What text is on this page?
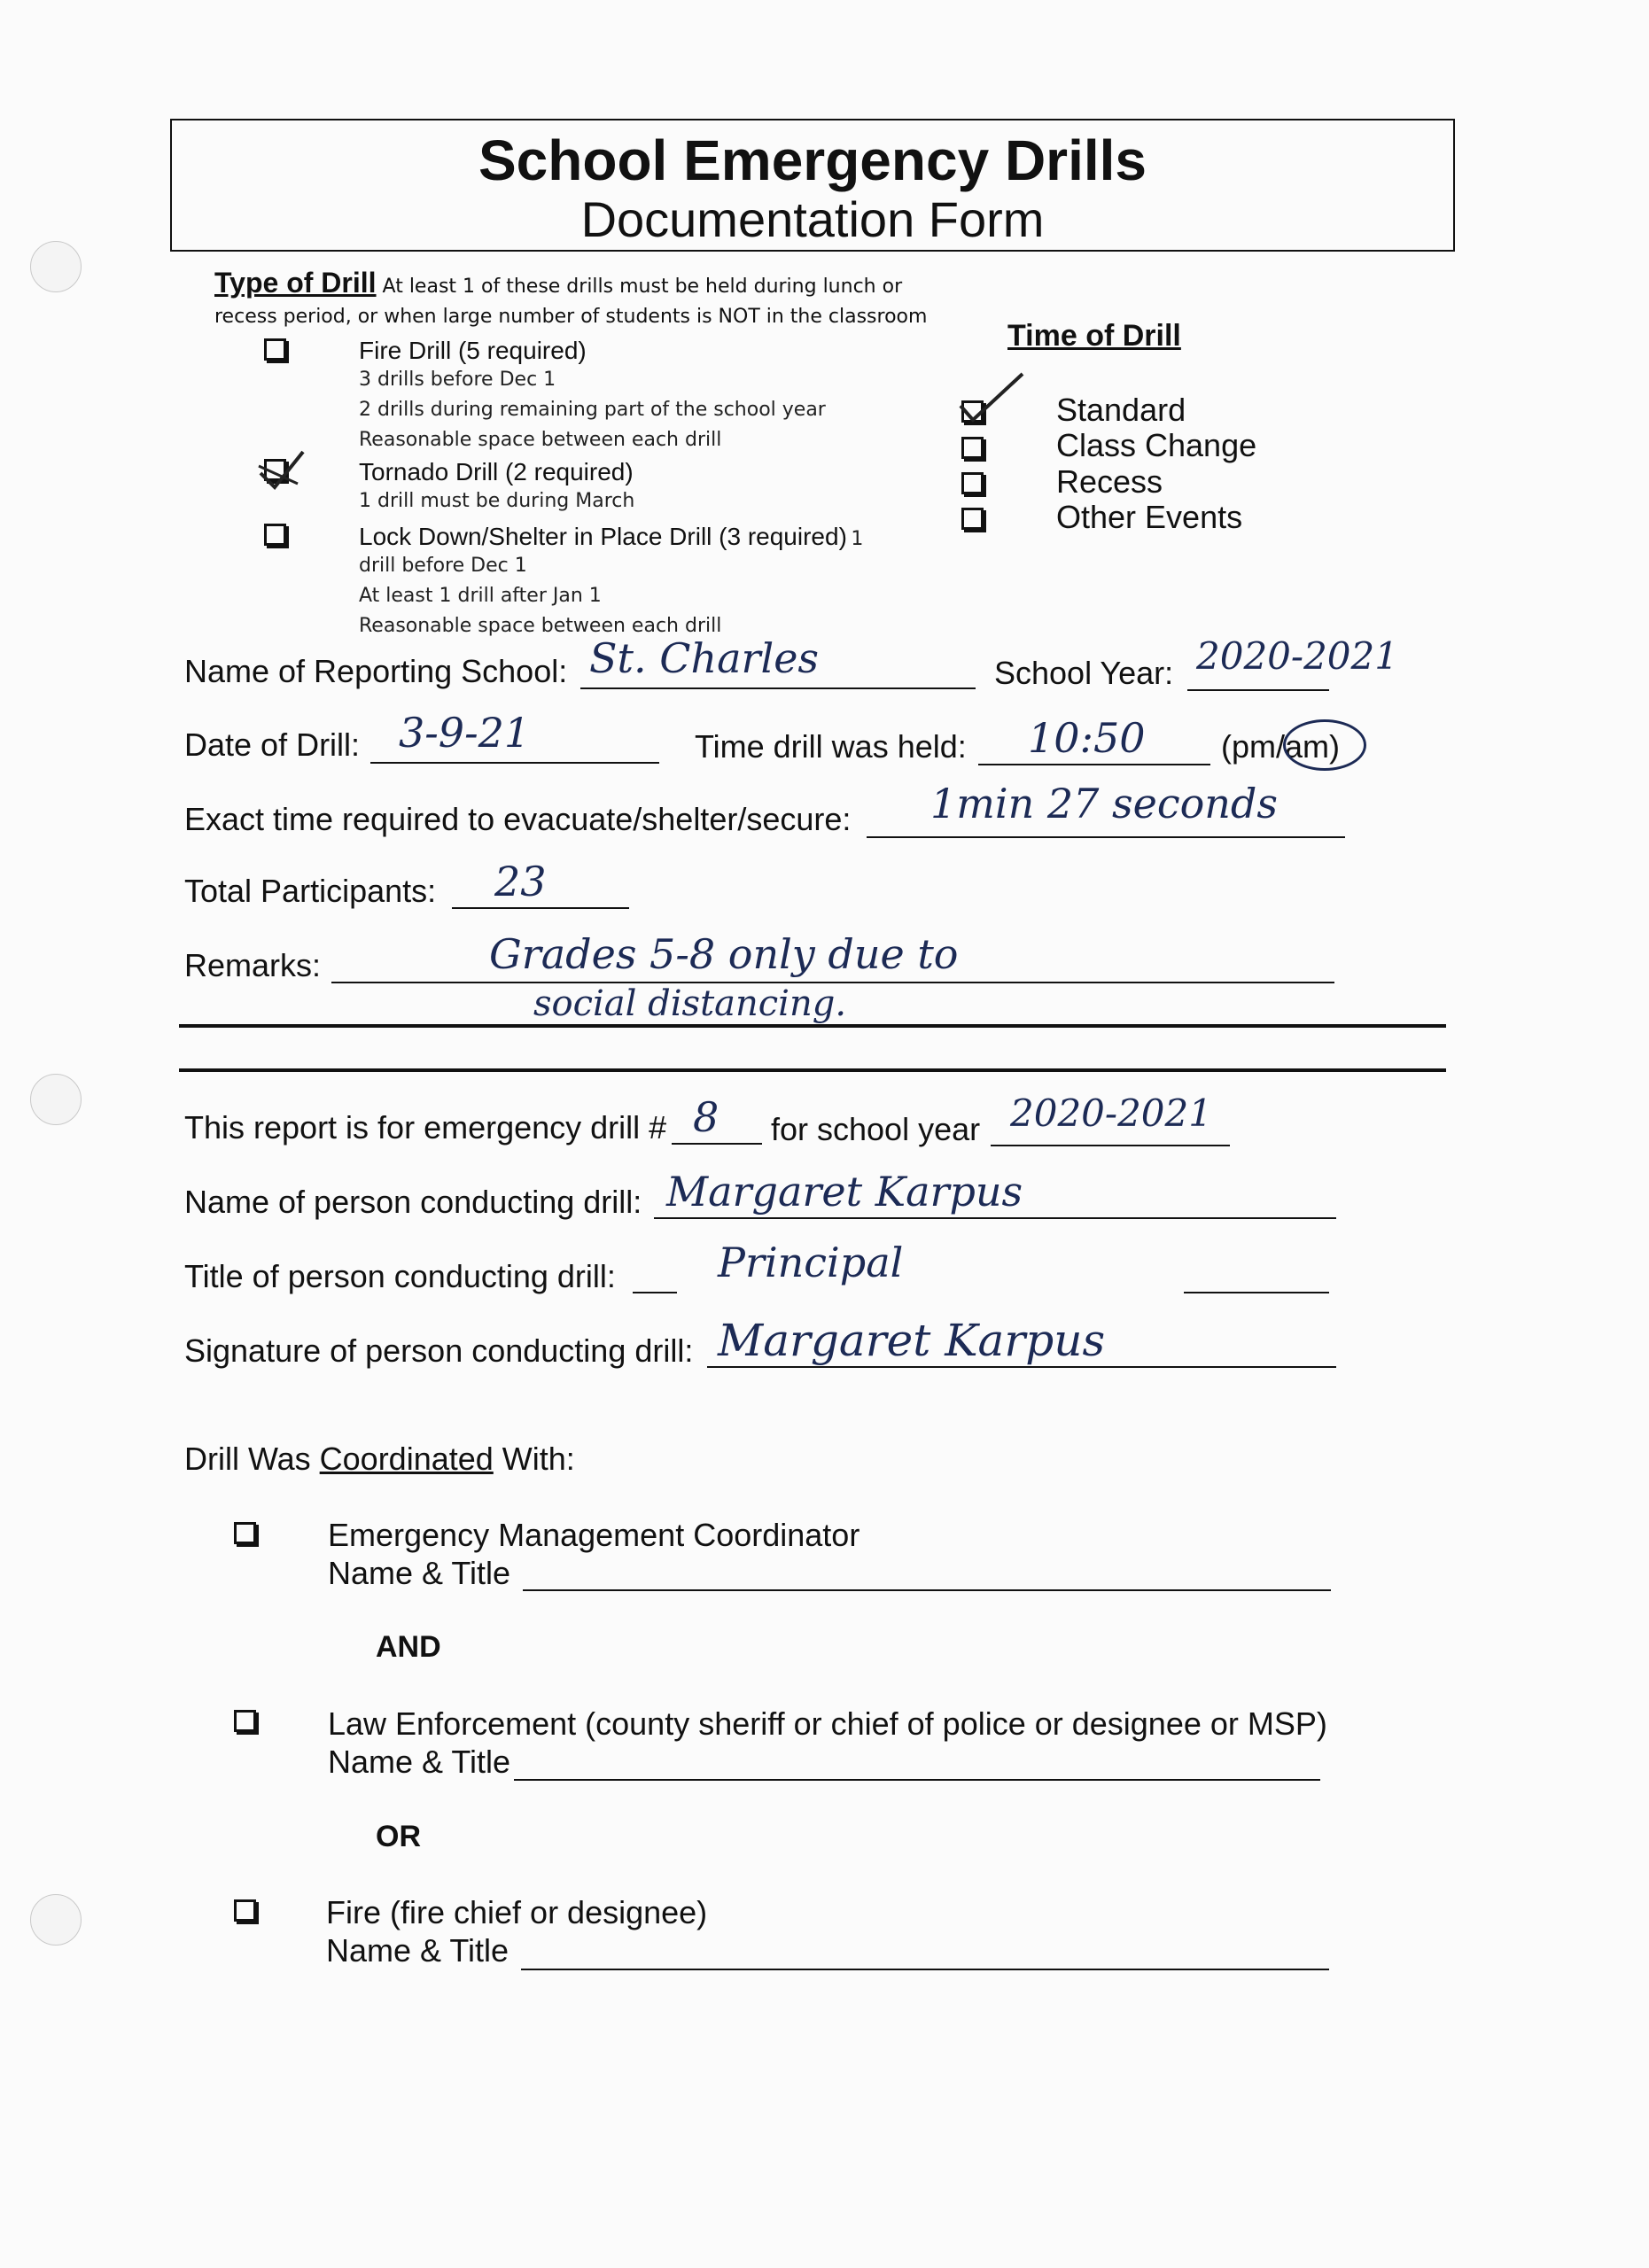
School Emergency Drills
Documentation Form
Type of Drill At least 1 of these drills must be held during lunch or recess period, or when large number of students is NOT in the classroom
Fire Drill (5 required)
3 drills before Dec 1
2 drills during remaining part of the school year
Reasonable space between each drill
Tornado Drill (2 required)
1 drill must be during March
Lock Down/Shelter in Place Drill (3 required) 1
drill before Dec 1
At least 1 drill after Jan 1
Reasonable space between each drill
Time of Drill
Standard
Class Change
Recess
Other Events
Name of Reporting School: St. Charles	School Year: 2020-2021
Date of Drill: 3-9-21	Time drill was held: 10:50 (pm/am)
Exact time required to evacuate/shelter/secure: 1min 27 seconds
Total Participants: 23
Remarks:	Grades 5-8 only due to
social distancing.
This report is for emergency drill # 8 for school year 2020-2021
Name of person conducting drill: Margaret Karpus
Title of person conducting drill:	Principal
Signature of person conducting drill: Margaret Karpus
Drill Was Coordinated With:
Emergency Management Coordinator
Name & Title
AND
Law Enforcement (county sheriff or chief of police or designee or MSP)
Name & Title
OR
Fire (fire chief or designee)
Name & Title
